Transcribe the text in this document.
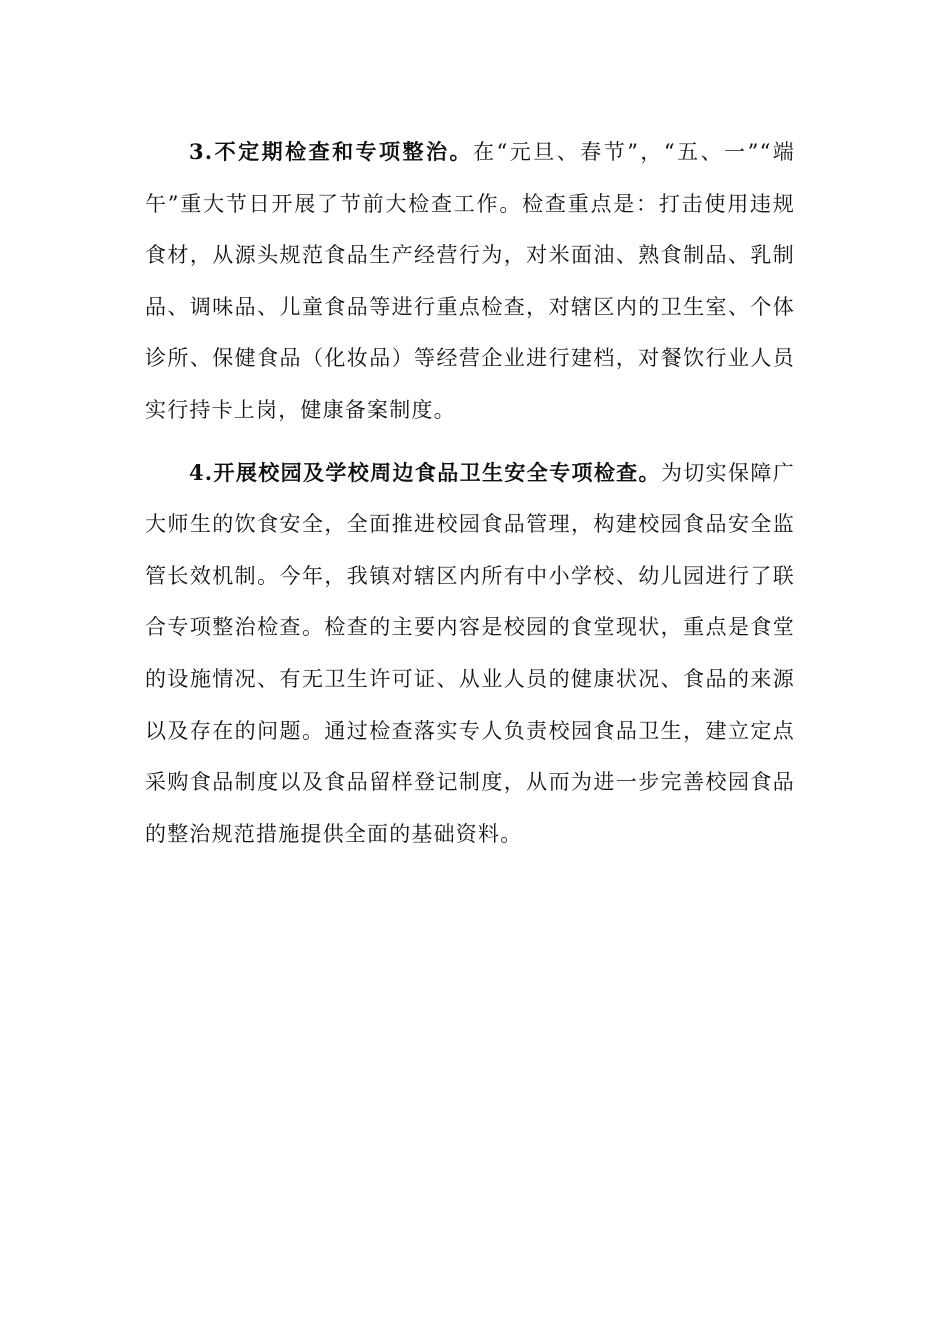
3.不定期检查和专项整治。在“元旦、春节”，“五、一”“端午”重大节日开展了节前大检查工作。检查重点是：打击使用违规食材，从源头规范食品生产经营行为，对米面油、熟食制品、乳制品、调味品、儿童食品等进行重点检查，对辖区内的卫生室、个体诊所、保健食品（化妆品）等经营企业进行建档，对餐饮行业人员实行持卡上岗，健康备案制度。

4.开展校园及学校周边食品卫生安全专项检查。为切实保障广大师生的饮食安全，全面推进校园食品管理，构建校园食品安全监管长效机制。今年，我镇对辖区内所有中小学校、幼儿园进行了联合专项整治检查。检查的主要内容是校园的食堂现状，重点是食堂的设施情况、有无卫生许可证、从业人员的健康状况、食品的来源以及存在的问题。通过检查落实专人负责校园食品卫生，建立定点采购食品制度以及食品留样登记制度，从而为进一步完善校园食品的整治规范措施提供全面的基础资料。
